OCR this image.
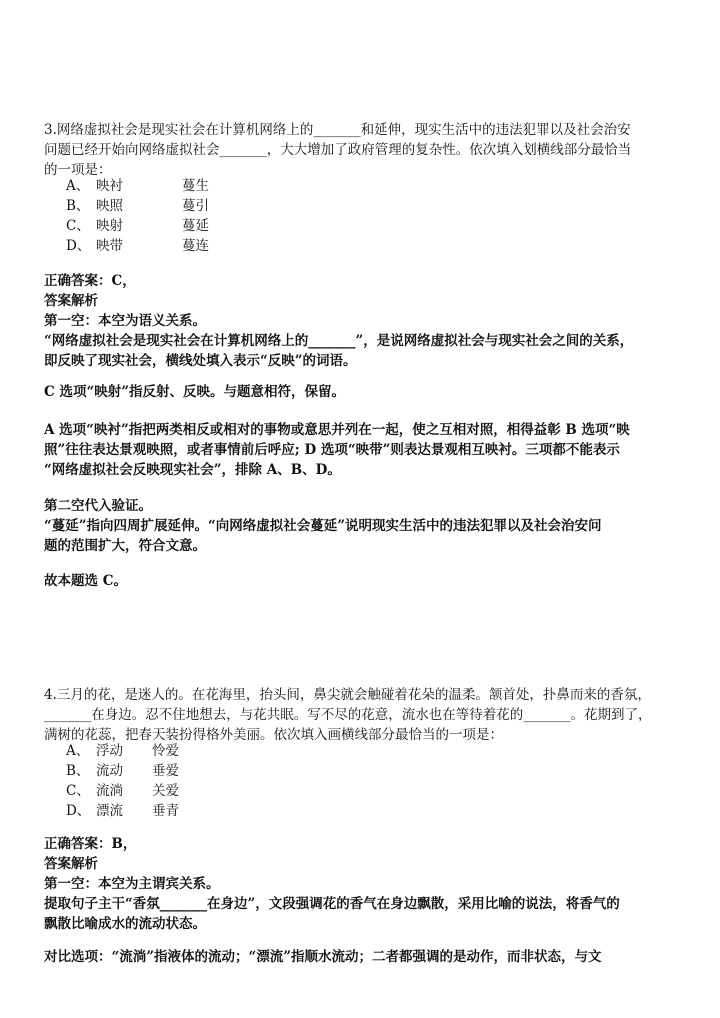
3.网络虚拟社会是现实社会在计算机网络上的_______和延伸，现实生活中的违法犯罪以及社会治安
问题已经开始向网络虚拟社会_______，大大增加了政府管理的复杂性。依次填入划横线部分最恰当
的一项是：
A、 映衬	蔓生
B、 映照	蔓引
C、 映射	蔓延
D、 映带	蔓连
正确答案：C，
答案解析
第一空：本空为语义关系。
“网络虚拟社会是现实社会在计算机网络上的_______”，是说网络虚拟社会与现实社会之间的关系，
即反映了现实社会，横线处填入表示“反映”的词语。
C 选项“映射”指反射、反映。与题意相符，保留。
A 选项“映衬”指把两类相反或相对的事物或意思并列在一起，使之互相对照，相得益彰 B 选项“映
照”往往表达景观映照，或者事情前后呼应; D 选项“映带”则表达景观相互映衬。三项都不能表示
“网络虚拟社会反映现实社会”，排除 A、B、D。
第二空代入验证。
“蔓延”指向四周扩展延伸。“向网络虚拟社会蔓延”说明现实生活中的违法犯罪以及社会治安问
题的范围扩大，符合文意。
故本题选 C。
4.三月的花，是迷人的。在花海里，抬头间，鼻尖就会触碰着花朵的温柔。颔首处，扑鼻而来的香氛，
_______在身边。忍不住地想去，与花共眠。写不尽的花意，流水也在等待着花的_______。花期到了，
满树的花蕊，把春天装扮得格外美丽。依次填入画横线部分最恰当的一项是：
A、 浮动 怜爱
B、 流动 垂爱
C、 流淌 关爱
D、 漂流 垂青
正确答案：B，
答案解析
第一空：本空为主谓宾关系。
提取句子主干“香氛_______在身边”，文段强调花的香气在身边飘散，采用比喻的说法，将香气的
飘散比喻成水的流动状态。
对比选项：“流淌”指液体的流动；“漂流”指顺水流动；二者都强调的是动作，而非状态，与文
